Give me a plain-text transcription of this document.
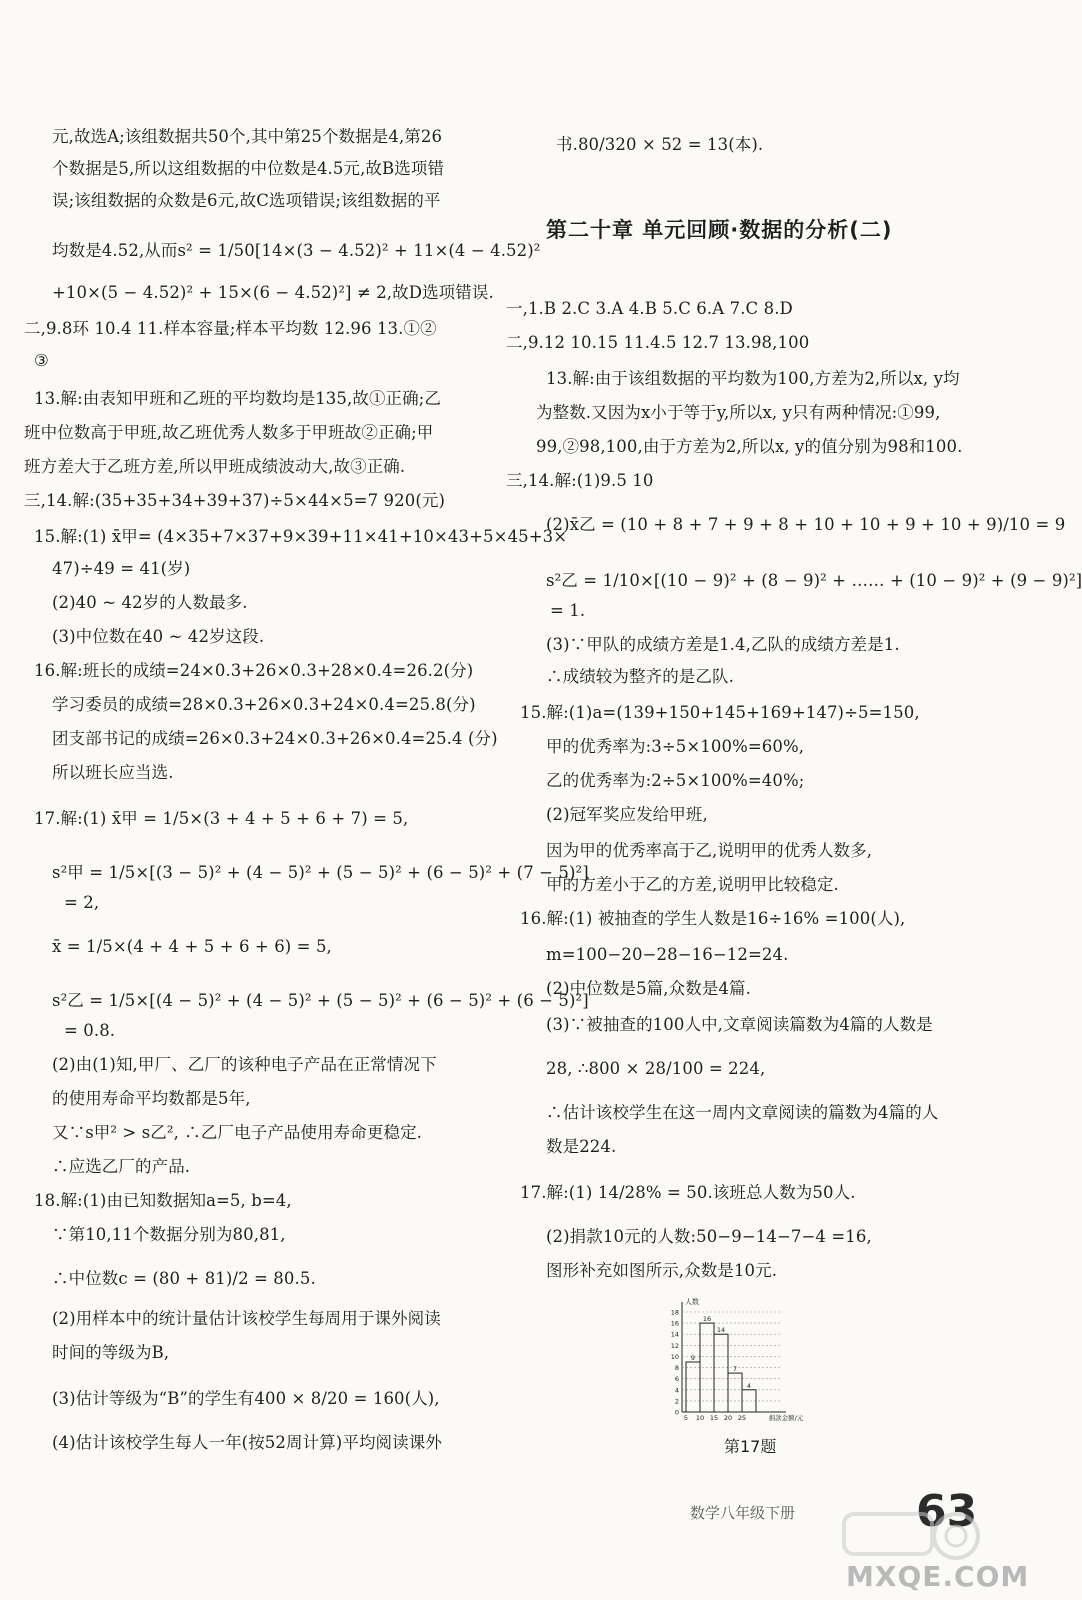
元,故选A;该组数据共50个,其中第25个数据是4,第26
个数据是5,所以这组数据的中位数是4.5元,故B选项错
误;该组数据的众数是6元,故C选项错误;该组数据的平
均数是4.52,从而s² = 1/50[14×(3 − 4.52)² + 11×(4 − 4.52)²
+10×(5 − 4.52)² + 15×(6 − 4.52)²] ≠ 2,故D选项错误.
二,9.8环 10.4 11.样本容量;样本平均数 12.96 13.①②
③
13.解:由表知甲班和乙班的平均数均是135,故①正确;乙
班中位数高于甲班,故乙班优秀人数多于甲班故②正确;甲
班方差大于乙班方差,所以甲班成绩波动大,故③正确.
三,14.解:(35+35+34+39+37)÷5×44×5=7 920(元)
15.解:(1) x̄甲= (4×35+7×37+9×39+11×41+10×43+5×45+3×
47)÷49 = 41(岁)
(2)40 ~ 42岁的人数最多.
(3)中位数在40 ~ 42岁这段.
16.解:班长的成绩=24×0.3+26×0.3+28×0.4=26.2(分)
学习委员的成绩=28×0.3+26×0.3+24×0.4=25.8(分)
团支部书记的成绩=26×0.3+24×0.3+26×0.4=25.4 (分)
所以班长应当选.
17.解:(1) x̄甲 = 1/5×(3 + 4 + 5 + 6 + 7) = 5,
s²甲 = 1/5×[(3 − 5)² + (4 − 5)² + (5 − 5)² + (6 − 5)² + (7 − 5)²]
= 2,
x̄ = 1/5×(4 + 4 + 5 + 6 + 6) = 5,
s²乙 = 1/5×[(4 − 5)² + (4 − 5)² + (5 − 5)² + (6 − 5)² + (6 − 5)²]
= 0.8.
(2)由(1)知,甲厂、乙厂的该种电子产品在正常情况下
的使用寿命平均数都是5年,
又∵s甲² > s乙², ∴乙厂电子产品使用寿命更稳定.
∴应选乙厂的产品.
18.解:(1)由已知数据知a=5, b=4,
∵第10,11个数据分别为80,81,
∴中位数c = (80 + 81)/2 = 80.5.
(2)用样本中的统计量估计该校学生每周用于课外阅读
时间的等级为B,
(3)估计等级为“B”的学生有400 × 8/20 = 160(人),
(4)估计该校学生每人一年(按52周计算)平均阅读课外
书.80/320 × 52 = 13(本).
第二十章 单元回顾·数据的分析(二)
一,1.B 2.C 3.A 4.B 5.C 6.A 7.C 8.D
二,9.12 10.15 11.4.5 12.7 13.98,100
13.解:由于该组数据的平均数为100,方差为2,所以x, y均
为整数.又因为x小于等于y,所以x, y只有两种情况:①99,
99,②98,100,由于方差为2,所以x, y的值分别为98和100.
三,14.解:(1)9.5 10
(2)x̄乙 = (10 + 8 + 7 + 9 + 8 + 10 + 10 + 9 + 10 + 9)/10 = 9
s²乙 = 1/10×[(10 − 9)² + (8 − 9)² + …… + (10 − 9)² + (9 − 9)²]
= 1.
(3)∵甲队的成绩方差是1.4,乙队的成绩方差是1.
∴成绩较为整齐的是乙队.
15.解:(1)a=(139+150+145+169+147)÷5=150,
甲的优秀率为:3÷5×100%=60%,
乙的优秀率为:2÷5×100%=40%;
(2)冠军奖应发给甲班,
因为甲的优秀率高于乙,说明甲的优秀人数多,
甲的方差小于乙的方差,说明甲比较稳定.
16.解:(1) 被抽查的学生人数是16÷16% =100(人),
m=100−20−28−16−12=24.
(2)中位数是5篇,众数是4篇.
(3)∵被抽查的100人中,文章阅读篇数为4篇的人数是
28, ∴800 × 28/100 = 224,
∴估计该校学生在这一周内文章阅读的篇数为4篇的人
数是224.
17.解:(1) 14/28% = 50.该班总人数为50人.
(2)捐款10元的人数:50−9−14−7−4 =16,
图形补充如图所示,众数是10元.
0
2
4
6
8
10
12
14
16
18
人数
9
5
16
10
14
15
7
20
4
25	捐款金额/元
第17题
数学八年级下册	63
MXQE.COM
